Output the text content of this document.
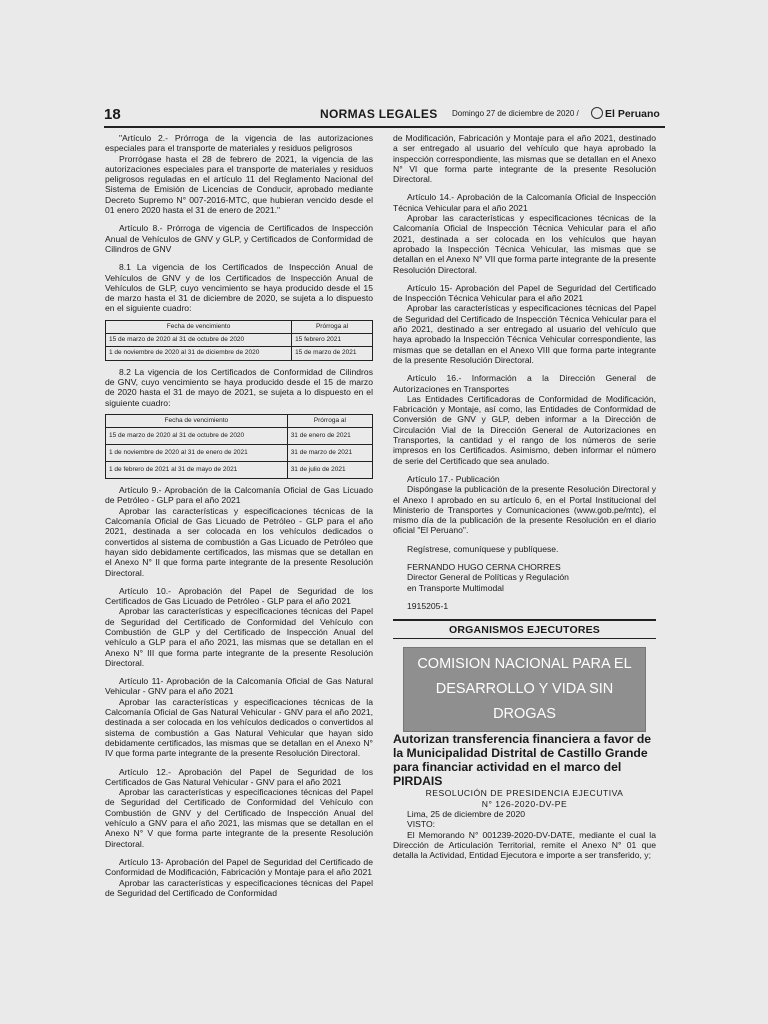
18	NORMAS LEGALES Domingo 27 de diciembre de 2020 /	El Peruano

"Artículo 2.- Prórroga de la vigencia de las autorizaciones especiales para el transporte de materiales y residuos peligrosos

Prorrógase hasta el 28 de febrero de 2021, la vigencia de las autorizaciones especiales para el transporte de materiales y residuos peligrosos reguladas en el artículo 11 del Reglamento Nacional del Sistema de Emisión de Licencias de Conducir, aprobado mediante Decreto Supremo N° 007-2016-MTC, que hubieran vencido desde el 01 enero 2020 hasta el 31 de enero de 2021."

Artículo 8.- Prórroga de vigencia de Certificados de Inspección Anual de Vehículos de GNV y GLP, y Certificados de Conformidad de Cilindros de GNV

8.1 La vigencia de los Certificados de Inspección Anual de Vehículos de GNV y de los Certificados de Inspección Anual de Vehículos de GLP, cuyo vencimiento se haya producido desde el 15 de marzo hasta el 31 de diciembre de 2020, se sujeta a lo dispuesto en el siguiente cuadro:

Fecha de vencimiento	Prórroga al
15 de marzo de 2020 al 31 de octubre de 2020	15 febrero 2021
1 de noviembre de 2020 al 31 de diciembre de 2020	15 de marzo de 2021

8.2 La vigencia de los Certificados de Conformidad de Cilindros de GNV, cuyo vencimiento se haya producido desde el 15 de marzo de 2020 hasta el 31 de mayo de 2021, se sujeta a lo dispuesto en el siguiente cuadro:

Fecha de vencimiento	Prórroga al
15 de marzo de 2020 al 31 de octubre de 2020	31 de enero de 2021
1 de noviembre de 2020 al 31 de enero de 2021	31 de marzo de 2021
1 de febrero de 2021 al 31 de mayo de 2021	31 de julio de 2021

Artículo 9.- Aprobación de la Calcomanía Oficial de Gas Licuado de Petróleo - GLP para el año 2021

Aprobar las características y especificaciones técnicas de la Calcomanía Oficial de Gas Licuado de Petróleo - GLP para el año 2021, destinada a ser colocada en los vehículos dedicados o convertidos al sistema de combustión a Gas Licuado de Petróleo que hayan sido debidamente certificados, las mismas que se detallan en el Anexo N° II que forma parte integrante de la presente Resolución Directoral.

Artículo 10.- Aprobación del Papel de Seguridad de los Certificados de Gas Licuado de Petróleo - GLP para el año 2021

Aprobar las características y especificaciones técnicas del Papel de Seguridad del Certificado de Conformidad del Vehículo con Combustión de GLP y del Certificado de Inspección Anual del vehículo a GLP para el año 2021, las mismas que se detallan en el Anexo N° III que forma parte integrante de la presente Resolución Directoral.

Artículo 11- Aprobación de la Calcomanía Oficial de Gas Natural Vehicular - GNV para el año 2021

Aprobar las características y especificaciones técnicas de la Calcomanía Oficial de Gas Natural Vehicular - GNV para el año 2021, destinada a ser colocada en los vehículos dedicados o convertidos al sistema de combustión a Gas Natural Vehicular que hayan sido debidamente certificados, las mismas que se detallan en el Anexo N° IV que forma parte integrante de la presente Resolución Directoral.

Artículo 12.- Aprobación del Papel de Seguridad de los Certificados de Gas Natural Vehicular - GNV para el año 2021

Aprobar las características y especificaciones técnicas del Papel de Seguridad del Certificado de Conformidad del Vehículo con Combustión de GNV y del Certificado de Inspección Anual del vehículo a GNV para el año 2021, las mismas que se detallan en el Anexo N° V que forma parte integrante de la presente Resolución Directoral.

Artículo 13- Aprobación del Papel de Seguridad del Certificado de Conformidad de Modificación, Fabricación y Montaje para el año 2021

Aprobar las características y especificaciones técnicas del Papel de Seguridad del Certificado de Conformidad

de Modificación, Fabricación y Montaje para el año 2021, destinado a ser entregado al usuario del vehículo que haya aprobado la inspección correspondiente, las mismas que se detallan en el Anexo N° VI que forma parte integrante de la presente Resolución Directoral.

Artículo 14.- Aprobación de la Calcomanía Oficial de Inspección Técnica Vehicular para el año 2021

Aprobar las características y especificaciones técnicas de la Calcomanía Oficial de Inspección Técnica Vehicular para el año 2021, destinada a ser colocada en los vehículos que hayan aprobado la Inspección Técnica Vehicular, las mismas que se detallan en el Anexo N° VII que forma parte integrante de la presente Resolución Directoral.

Artículo 15- Aprobación del Papel de Seguridad del Certificado de Inspección Técnica Vehicular para el año 2021

Aprobar las características y especificaciones técnicas del Papel de Seguridad del Certificado de Inspección Técnica Vehicular para el año 2021, destinado a ser entregado al usuario del vehículo que haya aprobado la Inspección Técnica Vehicular correspondiente, las mismas que se detallan en el Anexo VIII que forma parte integrante de la presente Resolución Directoral.

Artículo 16.- Información a la Dirección General de Autorizaciones en Transportes

Las Entidades Certificadoras de Conformidad de Modificación, Fabricación y Montaje, así como, las Entidades de Conformidad de Conversión de GNV y GLP, deben informar a la Dirección de Circulación Vial de la Dirección General de Autorizaciones en Transportes, la cantidad y el rango de los números de serie impresos en los Certificados. Asimismo, deben informar el número de serie del Certificado que sea anulado.

Artículo 17.- Publicación

Dispóngase la publicación de la presente Resolución Directoral y el Anexo I aprobado en su artículo 6, en el Portal Institucional del Ministerio de Transportes y Comunicaciones (www.gob.pe/mtc), el mismo día de la publicación de la presente Resolución en el diario oficial "El Peruano".

Regístrese, comuníquese y publíquese.

FERNANDO HUGO CERNA CHORRES

Director General de Políticas y Regulación

en Transporte Multimodal

1915205-1

ORGANISMOS EJECUTORES
COMISION NACIONAL PARA EL
DESARROLLO Y VIDA SIN DROGAS

Autorizan transferencia financiera a favor de la Municipalidad Distrital de Castillo Grande para financiar actividad en el marco del PIRDAIS

RESOLUCIÓN DE PRESIDENCIA EJECUTIVA

N° 126-2020-DV-PE

Lima, 25 de diciembre de 2020

VISTO:

El Memorando N° 001239-2020-DV-DATE, mediante el cual la Dirección de Articulación Territorial, remite el Anexo N° 01 que detalla la Actividad, Entidad Ejecutora e importe a ser transferido, y;
